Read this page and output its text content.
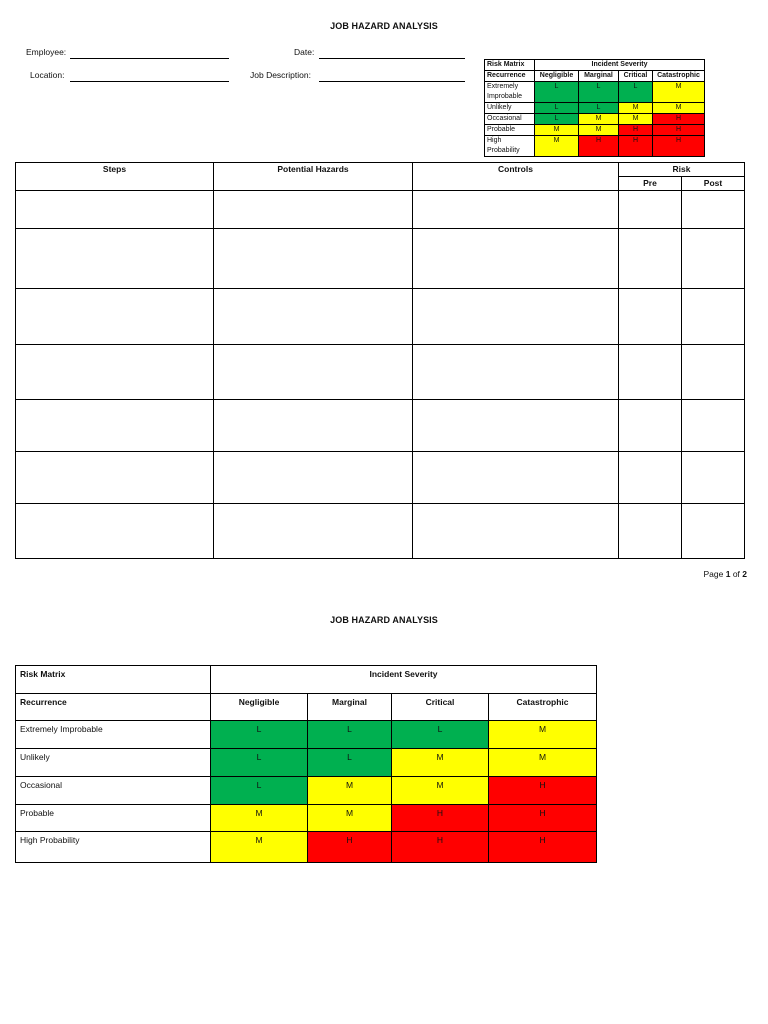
JOB HAZARD ANALYSIS
Employee:	Date:
Location:	Job Description:
Risk Matrix	Incident Severity			
Recurrence	Negligible	Marginal	Critical	Catastrophic
Extremely Improbable	L	L	L	M
Unlikely	L	L	M	M
Occasional	L	M	M	H
Probable	M	M	H	H
High Probability	M	H	H	H
Steps	Potential Hazards	Controls	Risk	
			Pre	Post

Page 1 of 2
JOB HAZARD ANALYSIS
Risk Matrix	Incident Severity			
Recurrence	Negligible	Marginal	Critical	Catastrophic
Extremely Improbable	L	L	L	M
Unlikely	L	L	M	M
Occasional	L	M	M	H
Probable	M	M	H	H
High Probability	M	H	H	H
